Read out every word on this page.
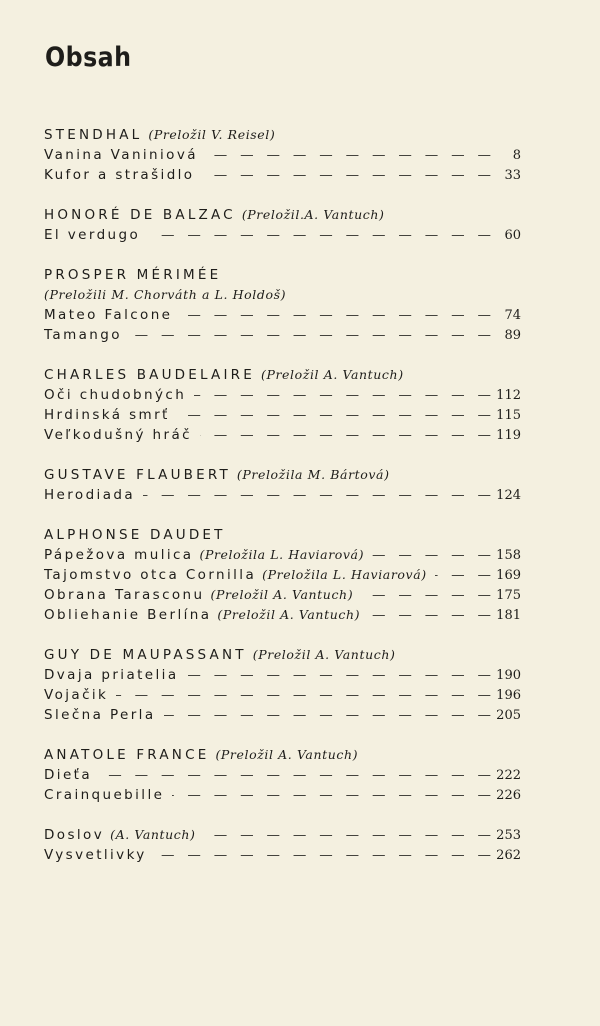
Obsah
STENDHAL (Preložil V. Reisel)
Vanina Vaniniová —   —	8
Kufor a strašidlo —   —	33
HONORÉ DE BALZAC (Preložil.A. Vantuch)
El verdugo —   —	60
PROSPER MÉRIMÉE
(Preložili M. Chorváth a L. Holdoš)
Mateo Falcone —   —	74
Tamango —   —	89
CHARLES BAUDELAIRE (Preložil A. Vantuch)
Oči chudobných —   —	112
Hrdinská smrť —   —	115
Veľkodušný hráč —   —	119
GUSTAVE FLAUBERT (Preložila M. Bártová)
Herodiada —   —	124
ALPHONSE DAUDET
Pápežova mulica (Preložila L. Haviarová) —   —	158
Tajomstvo otca Cornilla (Preložila L. Haviarová) —   —	169
Obrana Tarasconu (Preložil A. Vantuch) —   —	175
Obliehanie Berlína (Preložil A. Vantuch) —   —	181
GUY DE MAUPASSANT (Preložil A. Vantuch)
Dvaja priatelia —   —	190
Vojačik —   —	196
Slečna Perla —   —	205
ANATOLE FRANCE (Preložil A. Vantuch)
Dieťa —   —	222
Crainquebille —   —	226
Doslov (A. Vantuch) —   —	253
Vysvetlivky —   —	262
